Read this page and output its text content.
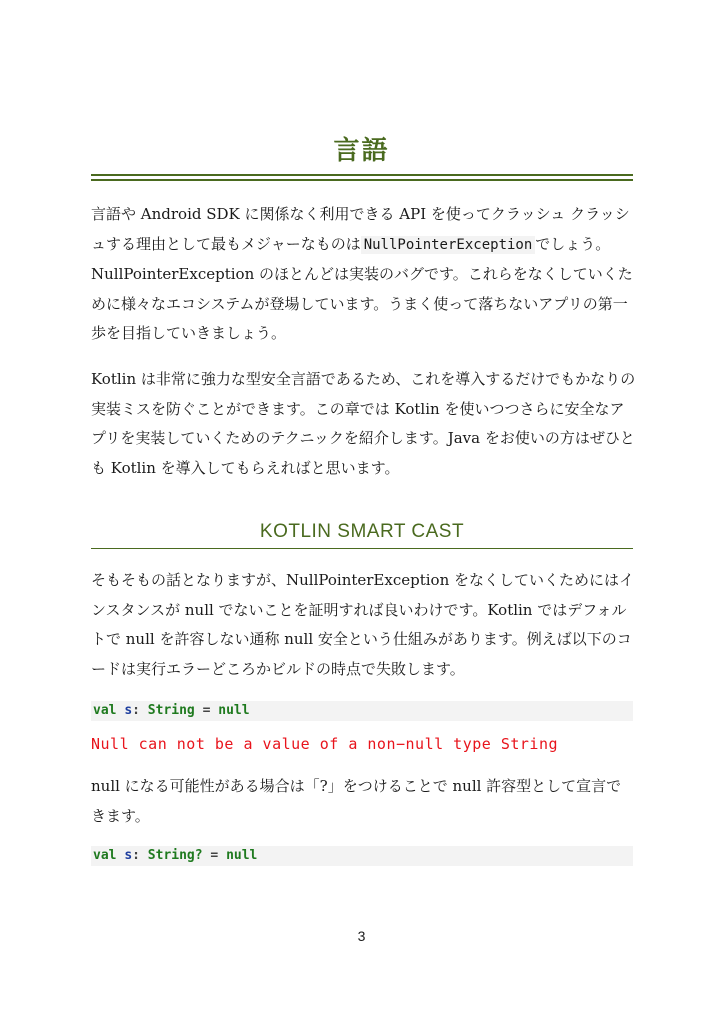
言語

言語や Android SDK に関係なく利用できる API を使ってクラッシュ クラッシュする理由として最もメジャーなものは NullPointerException でしょう。NullPointerException のほとんどは実装のバグです。これらをなくしていくために様々なエコシステムが登場しています。うまく使って落ちないアプリの第一歩を目指していきましょう。

Kotlin は非常に強力な型安全言語であるため、これを導入するだけでもかなりの実装ミスを防ぐことができます。この章では Kotlin を使いつつさらに安全なアプリを実装していくためのテクニックを紹介します。Java をお使いの方はぜひとも Kotlin を導入してもらえればと思います。

KOTLIN SMART CAST

そもそもの話となりますが、NullPointerException をなくしていくためにはインスタンスが null でないことを証明すれば良いわけです。Kotlin ではデフォルトで null を許容しない通称 null 安全という仕組みがあります。例えば以下のコードは実行エラーどころかビルドの時点で失敗します。

val s: String = null
Null can not be a value of a non−null type String

null になる可能性がある場合は「?」をつけることで null 許容型として宣言できます。

val s: String? = null
3
